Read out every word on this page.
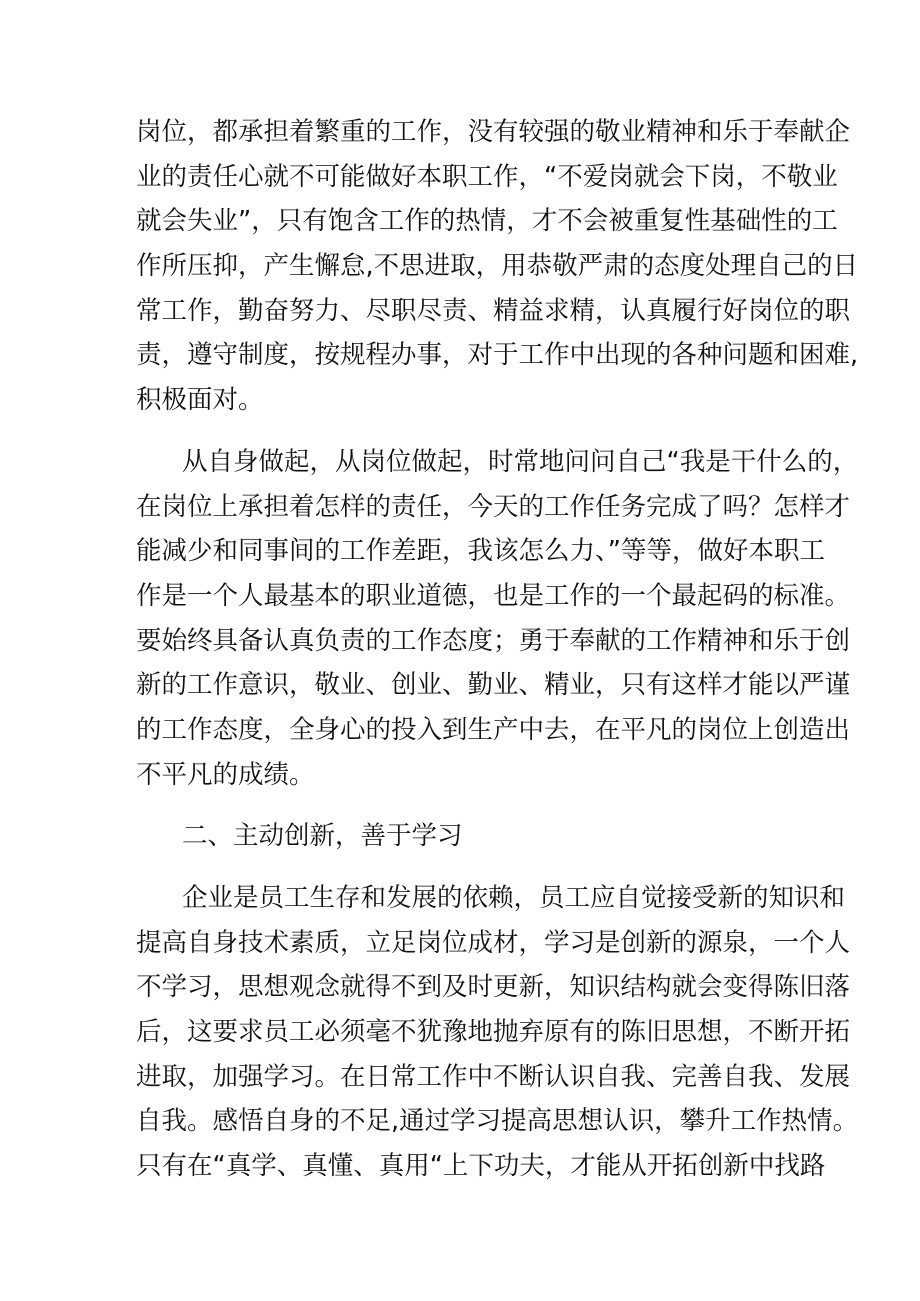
岗位，都承担着繁重的工作，没有较强的敬业精神和乐于奉献企
业的责任心就不可能做好本职工作，“不爱岗就会下岗，不敬业
就会失业”，只有饱含工作的热情，才不会被重复性基础性的工
作所压抑，产生懈怠,不思进取，用恭敬严肃的态度处理自己的日
常工作，勤奋努力、尽职尽责、精益求精，认真履行好岗位的职
责，遵守制度，按规程办事，对于工作中出现的各种问题和困难,
积极面对。
从自身做起，从岗位做起，时常地问问自己“我是干什么的，
在岗位上承担着怎样的责任，今天的工作任务完成了吗？怎样才
能减少和同事间的工作差距，我该怎么力、”等等，做好本职工
作是一个人最基本的职业道德，也是工作的一个最起码的标准。
要始终具备认真负责的工作态度；勇于奉献的工作精神和乐于创
新的工作意识，敬业、创业、勤业、精业，只有这样才能以严谨
的工作态度，全身心的投入到生产中去，在平凡的岗位上创造出
不平凡的成绩。
二、主动创新，善于学习
企业是员工生存和发展的依赖，员工应自觉接受新的知识和
提高自身技术素质，立足岗位成材，学习是创新的源泉，一个人
不学习，思想观念就得不到及时更新，知识结构就会变得陈旧落
后，这要求员工必须毫不犹豫地抛弃原有的陈旧思想，不断开拓
进取，加强学习。在日常工作中不断认识自我、完善自我、发展
自我。感悟自身的不足,通过学习提高思想认识，攀升工作热情。
只有在“真学、真懂、真用“上下功夫，才能从开拓创新中找路
